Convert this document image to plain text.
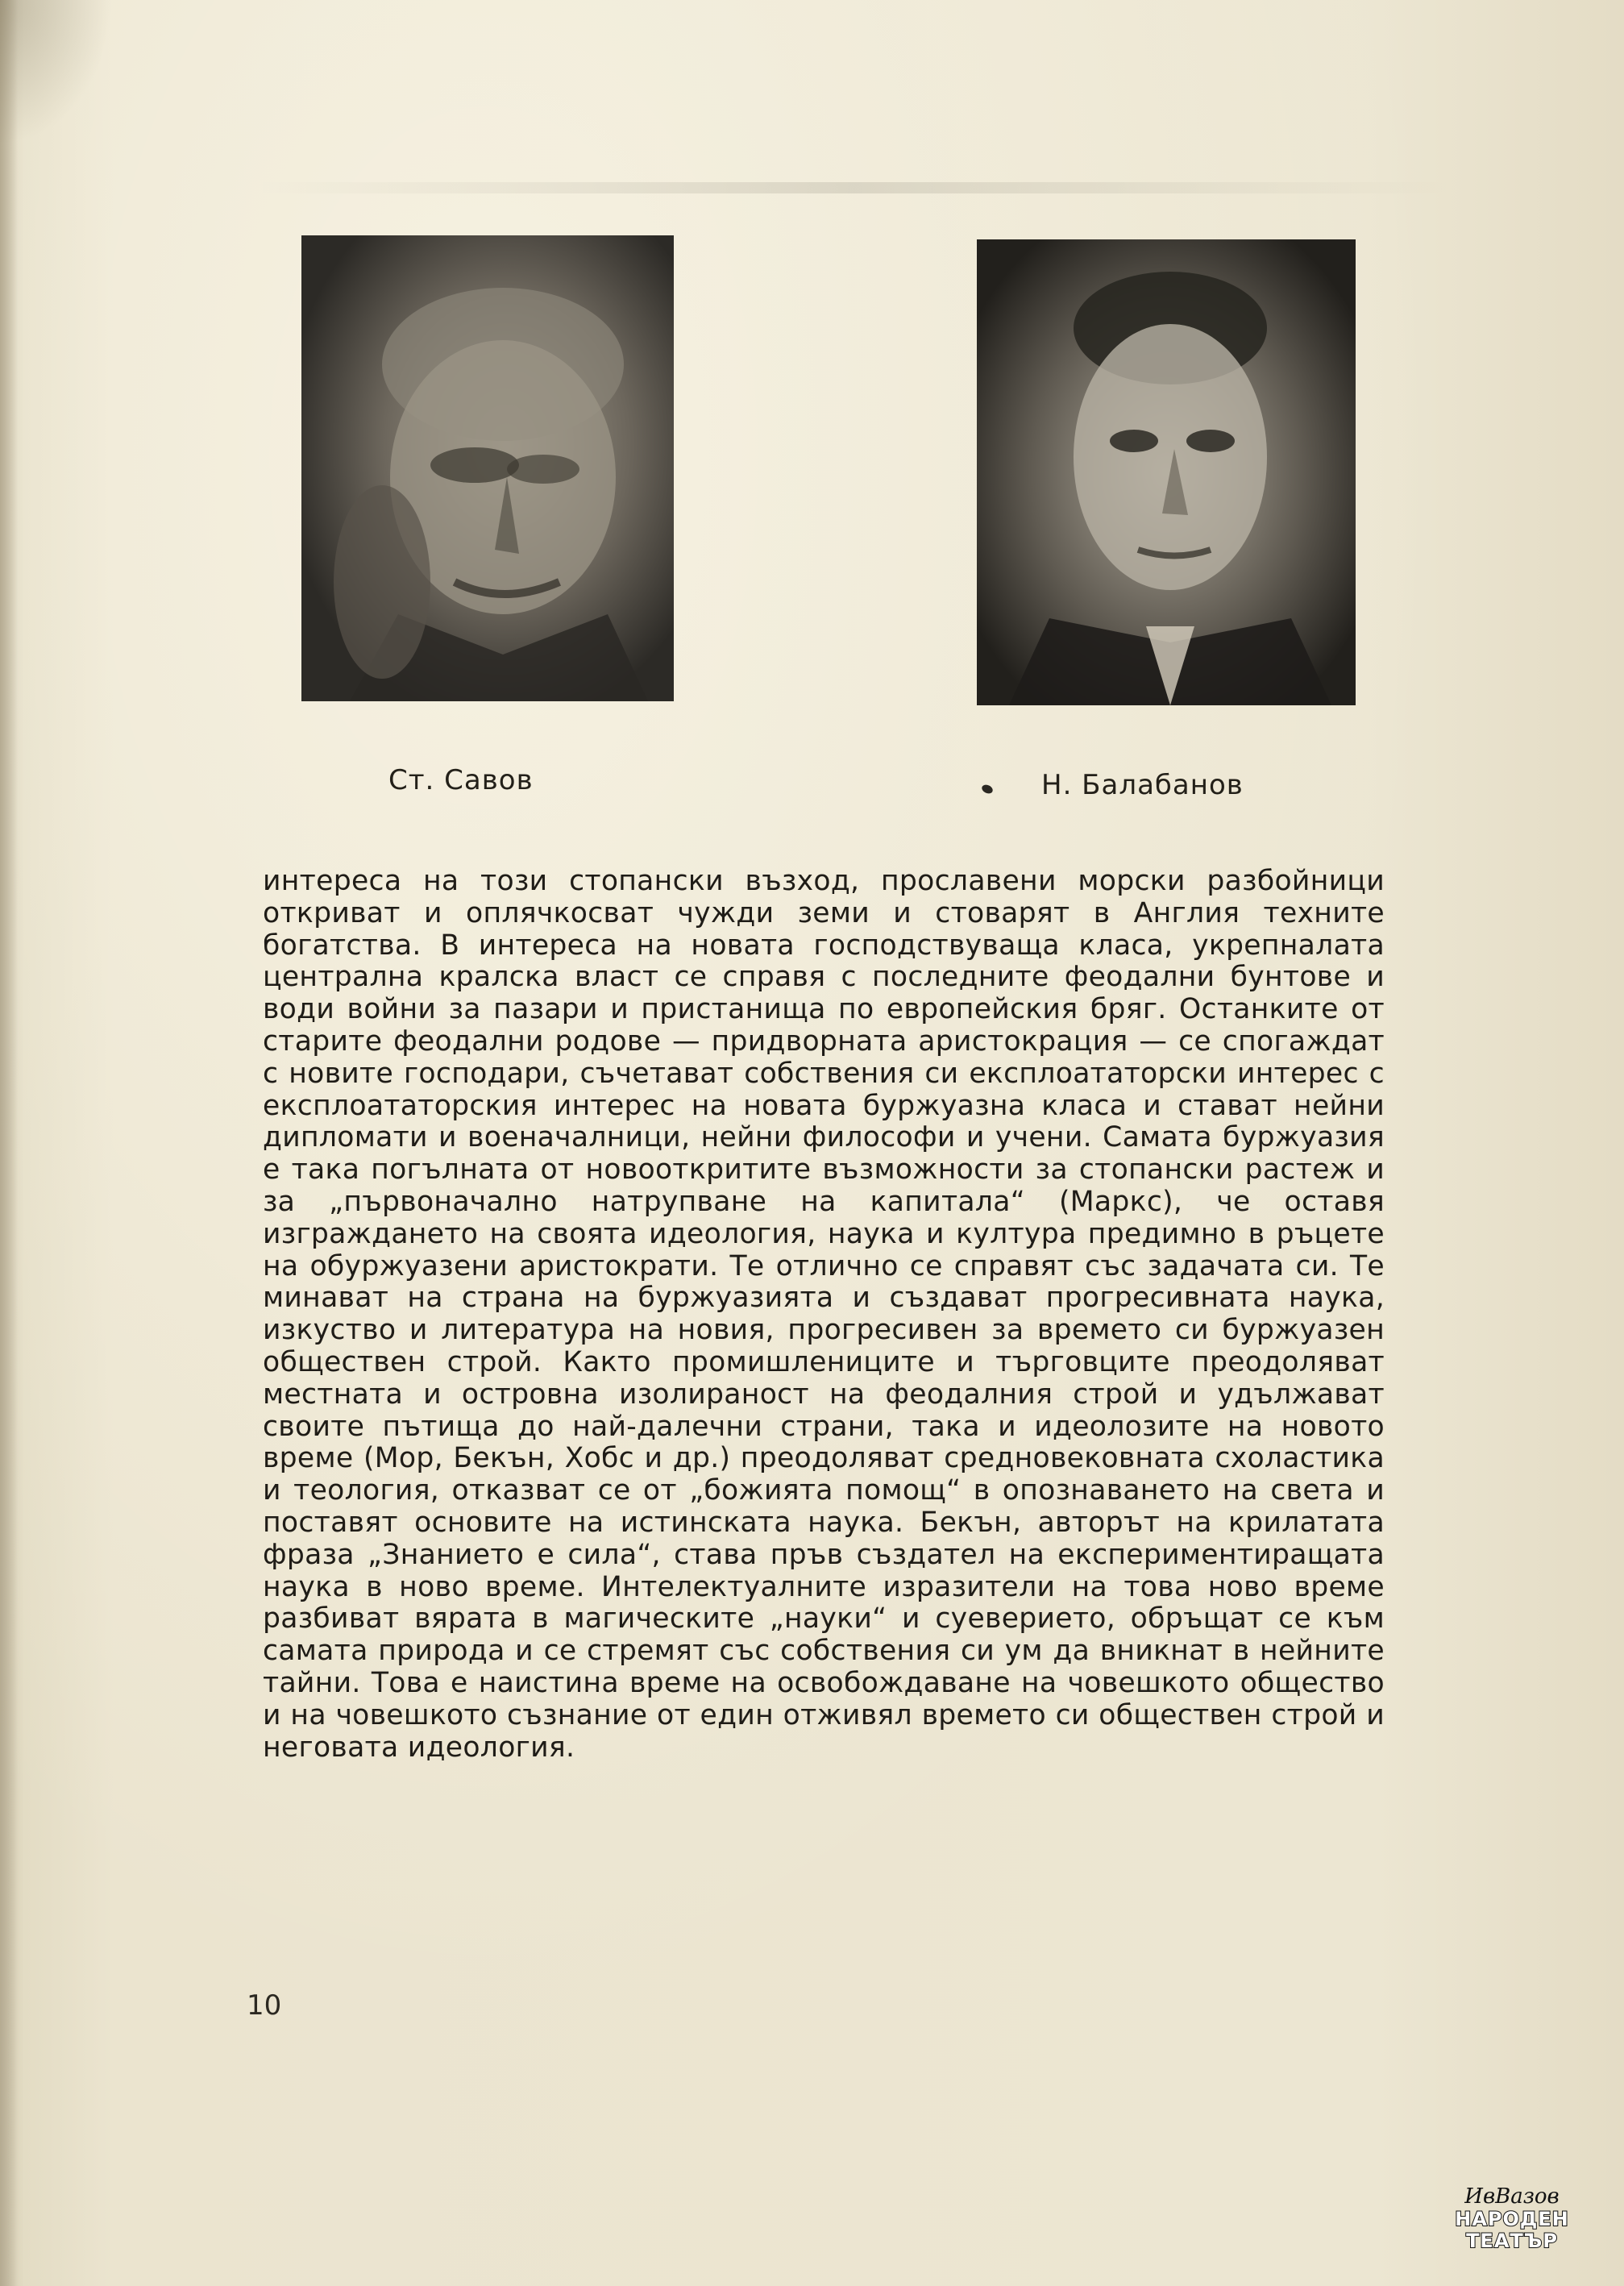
Ст. Савов	Н. Балабанов

интереса на този стопански възход, прославени морски разбойници откриват и оплячкосват чужди земи и стоварят в Англия техните богатства. В интереса на новата господствуваща класа, укрепналата централна кралска власт се справя с последните феодални бунтове и води войни за пазари и пристанища по европейския бряг. Останките от старите феодални родове — придворната аристокрация — се спогаждат с новите господари, съчетават собствения си експлоататорски интерес с експлоататорския интерес на новата буржуазна класа и стават нейни дипломати и военачалници, нейни философи и учени. Самата буржуазия е така погълната от новооткритите възможности за стопански растеж и за „първоначално натрупване на капитала“ (Маркс), че оставя изграждането на своята идеология, наука и култура предимно в ръцете на обуржуазени аристократи. Те отлично се справят със задачата си. Те минават на страна на буржуазията и създават прогресивната наука, изкуство и литература на новия, прогресивен за времето си буржуазен обществен строй. Както промишлениците и търговците преодоляват местната и островна изолираност на феодалния строй и удължават своите пътища до най-далечни страни, така и идеолозите на новото време (Мор, Бекън, Хобс и др.) преодоляват средновековната схоластика и теология, отказват се от „божията помощ“ в опознаването на света и поставят основите на истинската наука. Бекън, авторът на крилатата фраза „Знанието е сила“, става пръв създател на експериментиращата наука в ново време. Интелектуалните изразители на това ново време разбиват вярата в магическите „науки“ и суеверието, обръщат се към самата природа и се стремят със собствения си ум да вникнат в нейните тайни. Това е наистина време на освобождаване на човешкото общество и на човешкото съзнание от един отживял времето си обществен строй и неговата идеология.

10
ИвВазов
НАРОДЕН
ТЕАТЪР
